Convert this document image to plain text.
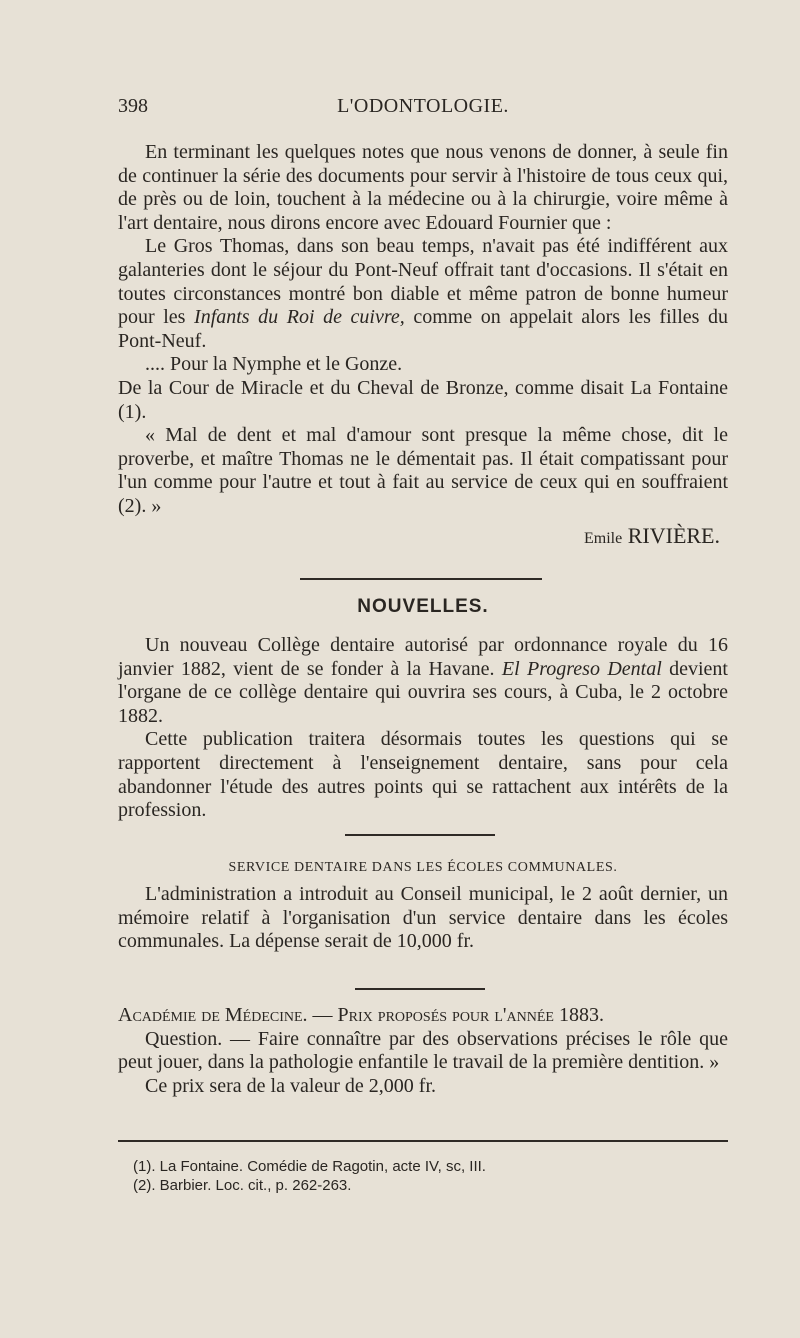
398	L'ODONTOLOGIE.

En terminant les quelques notes que nous venons de donner, à seule fin de continuer la série des documents pour servir à l'histoire de tous ceux qui, de près ou de loin, touchent à la médecine ou à la chirurgie, voire même à l'art dentaire, nous dirons encore avec Edouard Fournier que :

Le Gros Thomas, dans son beau temps, n'avait pas été indifférent aux galanteries dont le séjour du Pont-Neuf offrait tant d'occasions. Il s'était en toutes circonstances montré bon diable et même patron de bonne humeur pour les Infants du Roi de cuivre, comme on appelait alors les filles du Pont-Neuf.

.... Pour la Nymphe et le Gonze.

De la Cour de Miracle et du Cheval de Bronze, comme disait La Fontaine (1).

« Mal de dent et mal d'amour sont presque la même chose, dit le proverbe, et maître Thomas ne le démentait pas. Il était compatissant pour l'un comme pour l'autre et tout à fait au service de ceux qui en souffraient (2). »

Emile RIVIÈRE.
NOUVELLES.

Un nouveau Collège dentaire autorisé par ordonnance royale du 16 janvier 1882, vient de se fonder à la Havane. El Progreso Dental devient l'organe de ce collège dentaire qui ouvrira ses cours, à Cuba, le 2 octobre 1882.

Cette publication traitera désormais toutes les questions qui se rapportent directement à l'enseignement dentaire, sans pour cela abandonner l'étude des autres points qui se rattachent aux intérêts de la profession.

SERVICE DENTAIRE DANS LES ÉCOLES COMMUNALES.

L'administration a introduit au Conseil municipal, le 2 août dernier, un mémoire relatif à l'organisation d'un service dentaire dans les écoles communales. La dépense serait de 10,000 fr.

Académie de Médecine. — Prix proposés pour l'année 1883.

Question. — Faire connaître par des observations précises le rôle que peut jouer, dans la pathologie enfantile le travail de la première dentition. »

Ce prix sera de la valeur de 2,000 fr.

(1). La Fontaine. Comédie de Ragotin, acte IV, sc, III.
(2). Barbier. Loc. cit., p. 262-263.
